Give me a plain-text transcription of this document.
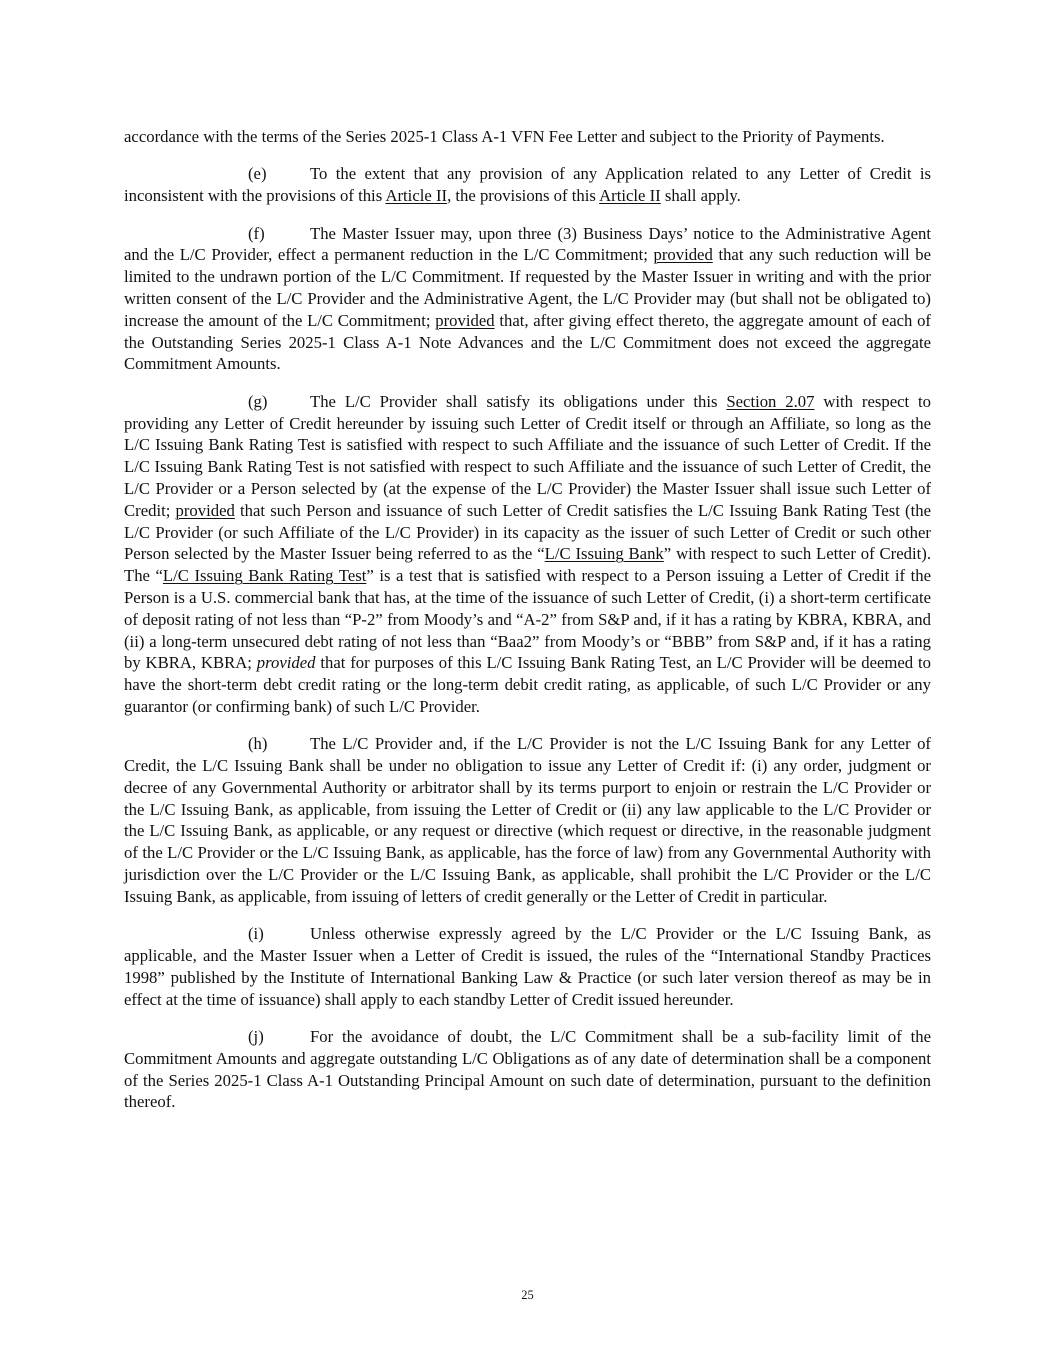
accordance with the terms of the Series 2025-1 Class A-1 VFN Fee Letter and subject to the Priority of Payments.

(e)	To the extent that any provision of any Application related to any Letter of Credit is inconsistent with the provisions of this Article II, the provisions of this Article II shall apply.

(f)	The Master Issuer may, upon three (3) Business Days’ notice to the Administrative Agent and the L/C Provider, effect a permanent reduction in the L/C Commitment; provided that any such reduction will be limited to the undrawn portion of the L/C Commitment. If requested by the Master Issuer in writing and with the prior written consent of the L/C Provider and the Administrative Agent, the L/C Provider may (but shall not be obligated to) increase the amount of the L/C Commitment; provided that, after giving effect thereto, the aggregate amount of each of the Outstanding Series 2025-1 Class A-1 Note Advances and the L/C Commitment does not exceed the aggregate Commitment Amounts.

(g)	The L/C Provider shall satisfy its obligations under this Section 2.07 with respect to providing any Letter of Credit hereunder by issuing such Letter of Credit itself or through an Affiliate, so long as the L/C Issuing Bank Rating Test is satisfied with respect to such Affiliate and the issuance of such Letter of Credit. If the L/C Issuing Bank Rating Test is not satisfied with respect to such Affiliate and the issuance of such Letter of Credit, the L/C Provider or a Person selected by (at the expense of the L/C Provider) the Master Issuer shall issue such Letter of Credit; provided that such Person and issuance of such Letter of Credit satisfies the L/C Issuing Bank Rating Test (the L/C Provider (or such Affiliate of the L/C Provider) in its capacity as the issuer of such Letter of Credit or such other Person selected by the Master Issuer being referred to as the “L/C Issuing Bank” with respect to such Letter of Credit). The “L/C Issuing Bank Rating Test” is a test that is satisfied with respect to a Person issuing a Letter of Credit if the Person is a U.S. commercial bank that has, at the time of the issuance of such Letter of Credit, (i) a short-term certificate of deposit rating of not less than “P-2” from Moody’s and “A-2” from S&P and, if it has a rating by KBRA, KBRA, and (ii) a long-term unsecured debt rating of not less than “Baa2” from Moody’s or “BBB” from S&P and, if it has a rating by KBRA, KBRA; provided that for purposes of this L/C Issuing Bank Rating Test, an L/C Provider will be deemed to have the short-term debt credit rating or the long-term debit credit rating, as applicable, of such L/C Provider or any guarantor (or confirming bank) of such L/C Provider.

(h)	The L/C Provider and, if the L/C Provider is not the L/C Issuing Bank for any Letter of Credit, the L/C Issuing Bank shall be under no obligation to issue any Letter of Credit if: (i) any order, judgment or decree of any Governmental Authority or arbitrator shall by its terms purport to enjoin or restrain the L/C Provider or the L/C Issuing Bank, as applicable, from issuing the Letter of Credit or (ii) any law applicable to the L/C Provider or the L/C Issuing Bank, as applicable, or any request or directive (which request or directive, in the reasonable judgment of the L/C Provider or the L/C Issuing Bank, as applicable, has the force of law) from any Governmental Authority with jurisdiction over the L/C Provider or the L/C Issuing Bank, as applicable, shall prohibit the L/C Provider or the L/C Issuing Bank, as applicable, from issuing of letters of credit generally or the Letter of Credit in particular.

(i)	Unless otherwise expressly agreed by the L/C Provider or the L/C Issuing Bank, as applicable, and the Master Issuer when a Letter of Credit is issued, the rules of the “International Standby Practices 1998” published by the Institute of International Banking Law & Practice (or such later version thereof as may be in effect at the time of issuance) shall apply to each standby Letter of Credit issued hereunder.

(j)	For the avoidance of doubt, the L/C Commitment shall be a sub-facility limit of the Commitment Amounts and aggregate outstanding L/C Obligations as of any date of determination shall be a component of the Series 2025-1 Class A-1 Outstanding Principal Amount on such date of determination, pursuant to the definition thereof.

25
